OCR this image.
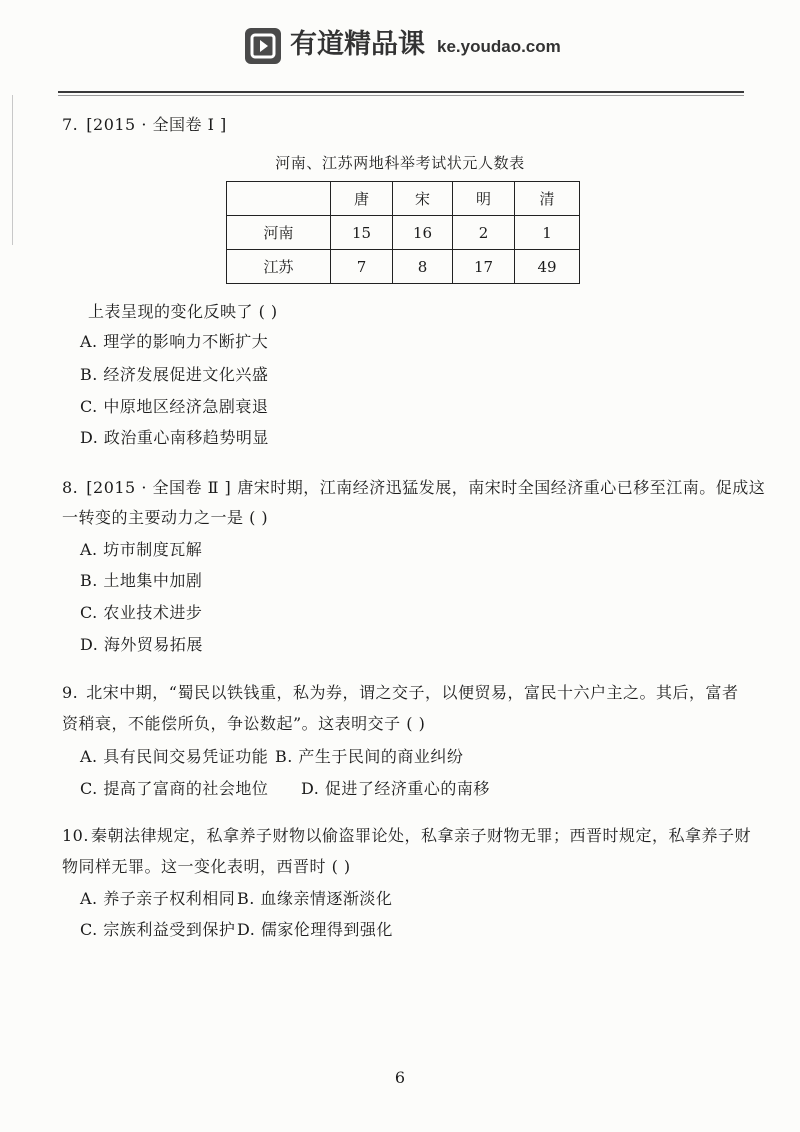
有道精品课 ke.youdao.com
7. [2015 · 全国卷 Ⅰ ]
河南、江苏两地科举考试状元人数表
	唐	宋	明	清
河南	15	16	2	1
江苏	7	8	17	49
上表呈现的变化反映了 ( )
A. 理学的影响力不断扩大
B. 经济发展促进文化兴盛
C. 中原地区经济急剧衰退
D. 政治重心南移趋势明显
8. [2015 · 全国卷 Ⅱ ] 唐宋时期，江南经济迅猛发展，南宋时全国经济重心已移至江南。促成这
一转变的主要动力之一是 ( )
A. 坊市制度瓦解
B. 土地集中加剧
C. 农业技术进步
D. 海外贸易拓展
9. 北宋中期，“蜀民以铁钱重，私为券，谓之交子，以便贸易，富民十六户主之。其后，富者
资稍衰，不能偿所负，争讼数起”。这表明交子 ( )
A. 具有民间交易凭证功能 B. 产生于民间的商业纠纷
C. 提高了富商的社会地位 D. 促进了经济重心的南移
10. 秦朝法律规定，私拿养子财物以偷盗罪论处，私拿亲子财物无罪；西晋时规定，私拿养子财
物同样无罪。这一变化表明，西晋时 ( )
A. 养子亲子权利相同 B. 血缘亲情逐渐淡化
C. 宗族利益受到保护 D. 儒家伦理得到强化
6
